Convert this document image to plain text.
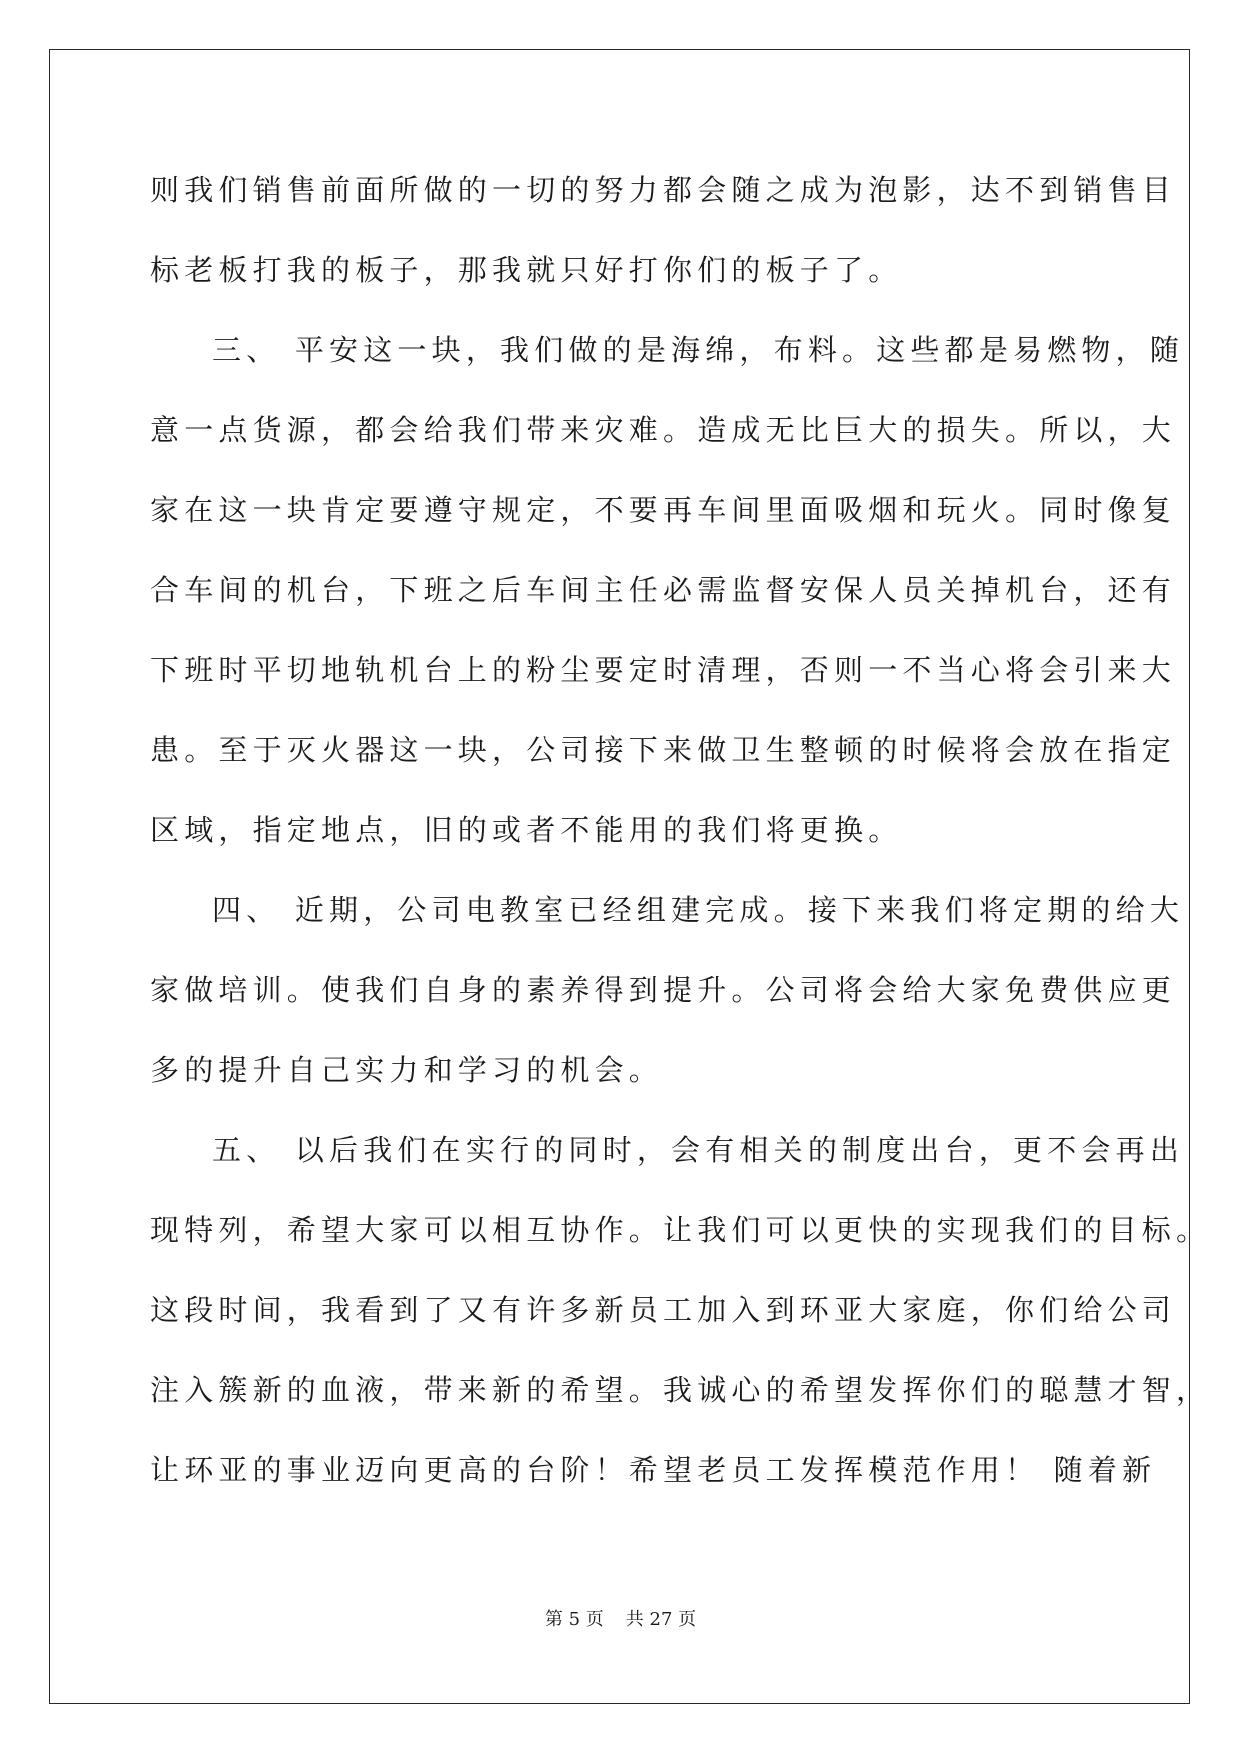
则我们销售前面所做的一切的努力都会随之成为泡影，达不到销售目
标老板打我的板子，那我就只好打你们的板子了。
三、 平安这一块，我们做的是海绵，布料。这些都是易燃物，随
意一点货源，都会给我们带来灾难。造成无比巨大的损失。所以，大
家在这一块肯定要遵守规定，不要再车间里面吸烟和玩火。同时像复
合车间的机台，下班之后车间主任必需监督安保人员关掉机台，还有
下班时平切地轨机台上的粉尘要定时清理，否则一不当心将会引来大
患。至于灭火器这一块，公司接下来做卫生整顿的时候将会放在指定
区域，指定地点，旧的或者不能用的我们将更换。
四、 近期，公司电教室已经组建完成。接下来我们将定期的给大
家做培训。使我们自身的素养得到提升。公司将会给大家免费供应更
多的提升自己实力和学习的机会。
五、 以后我们在实行的同时，会有相关的制度出台，更不会再出
现特列，希望大家可以相互协作。让我们可以更快的实现我们的目标。
这段时间，我看到了又有许多新员工加入到环亚大家庭，你们给公司
注入簇新的血液，带来新的希望。我诚心的希望发挥你们的聪慧才智，
让环亚的事业迈向更高的台阶！希望老员工发挥模范作用！ 随着新
第 5 页 共 27 页
